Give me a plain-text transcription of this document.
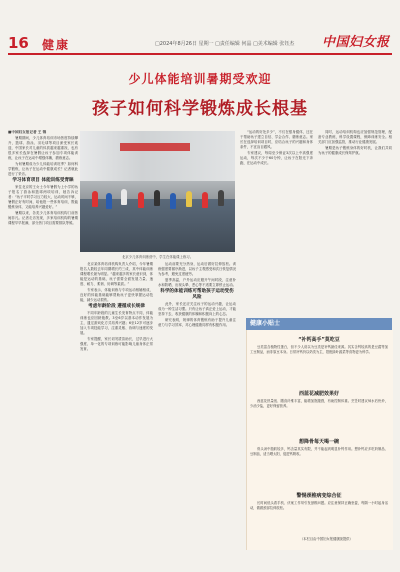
16 健康	□2024年8月26日 星期一 □责任编辑 何晶 □美术编辑 张钰杰 中国妇女报
少儿体能培训暑期受欢迎
孩子如何科学锻炼成长根基

■中国妇女报记者 王 锦

暑期期间，少儿体育培训市场热度持续攀升，篮球、游泳、羽毛球等项目深受家长欢迎，中国家长对儿童的体质越来越重视，也有很多家长选择在暑假让孩子参加专项体能训练，让孩子在运动中增强体魄，磨练意志。

为何暑期成为少儿体能培训旺季？如何科学锻炼，让孩子在运动中健康成长？记者就此进行了采访。

学习体育项目 体能训练受青睐

家住北京的王女士今年暑假为上小学的孩子报名了游泳和篮球两项培训，她告诉记者：“孩子平时学习压力较大，运动时间不够，暑假正好有时间，给他报一些体育培训，既能锻炼身体，又能培养兴趣爱好。”

暑期以来，各类少儿体育培训机构门前热闹非凡。记者走访发现，多家培训机构的暑期课程早早报满，部分热门项目需要排队等候。

北京少儿体育训练营中，学生在体能课上练习。

北京某体育培训机构负责人介绍，今年暑期报名人数较去年同期增长约三成，其中体能训练课程增长最为明显。“越来越多的家长意识到，体能是运动的基础，孩子需要全面发展力量、速度、耐力、柔韧、协调等素质。”

专家表示，体能训练与专项运动相辅相成，良好的体能基础能够帮助孩子更快掌握运动技能，减少运动损伤。

考虑年龄阶段 遵循成长规律

不同年龄段的儿童生长发育特点不同，体能训练也应因龄施教。3至6岁以基本动作发展为主，通过游戏化方式培养兴趣；6至12岁可逐步加入专项技能学习，注重灵敏、协调与速度的发展。

专家提醒，家长切勿拔苗助长，过早进行大强度、单一化的专项训练可能影响儿童身体正常发育。

运动前要充分热身，运动后做好拉伸放松。训练强度要循序渐进，以孩子主观感受和次日恢复情况为参考，避免过度疲劳。

夏季高温，户外运动应避开午间时段，注意补水和防晒，出现头晕、恶心等不适要立即停止运动。

科学的体能训练可帮助孩子运动受伤风险

此外，家长还应关注孩子的运动兴趣，让运动成为一种生活习惯。只有让孩子真正爱上运动，才能坚持下去，收获健康的体魄和积极向上的心态。

研究表明，规律的体育锻炼有助于提升儿童注意力与学习效率，对心理健康同样有积极作用。

“运动的好处多少”，不仅在强身健体，还在于帮助孩子建立自信、学会合作、磨练意志。家长在选择培训项目时，应结合孩子的兴趣和身体条件，不宜盲目跟风。

专家建议，每周至少保证3次以上中高强度运动，每次不少于60分钟，让孩子在阳光下奔跑、在运动中成长。

同时，运动培训机构也应加强规范管理，配备专业教练，科学设置课程，保障训练安全。相关部门应加强监管，推动行业健康发展。

暑期是孩子锻炼身体的好时机，让我们共同为孩子的健康成长保驾护航。

健康小贴士
“补钙高手”莫吃豆

豆类富含植物性蛋白，但不少人误以为豆类是补钙最佳来源。其实含钙较高的是豆腐等加工豆制品，而非原豆本身。日常补钙仍以奶类为主，搭配绿叶蔬菜等食物更为科学。

西蓝花减肥效果好

西蓝花热量低、膳食纤维丰富，能增加饱腹感，有助控制体重。烹饪时建议焯水后快炒，少油少盐，更好保留营养。

想降骨每天喝一碗

骨头汤中脂肪较多，钙含量其实有限，并不能起到明显补钙作用。想补钙应多吃奶制品、豆制品，适当晒太阳，促进钙吸收。

警惕颈椎病变综合征

长时间低头看手机、伏案工作易引发颈椎问题。应注意保持正确坐姿，每隔一小时起身活动，做做颈部拉伸放松。

（本栏目由中国妇女报健康版提供）
